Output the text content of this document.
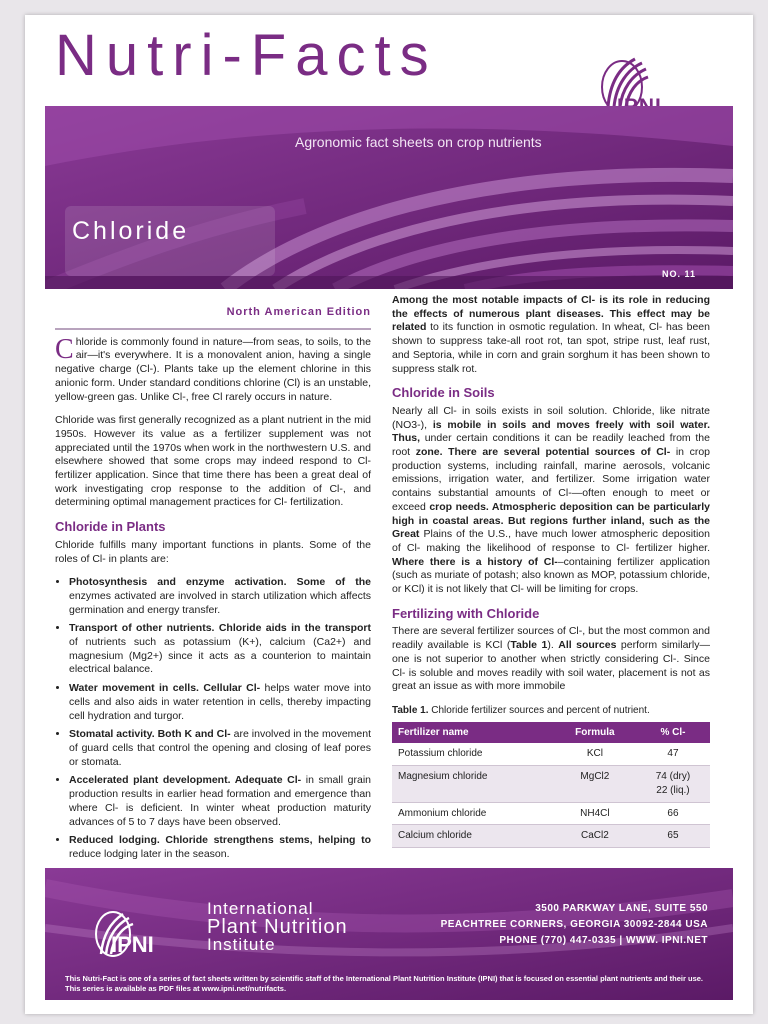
Nutri-Facts
Agronomic fact sheets on crop nutrients
Chloride
NO. 11
North American Edition

Chloride is commonly found in nature—from seas, to soils, to the air—it's everywhere. It is a monovalent anion, having a single negative charge (Cl-). Plants take up the element chlorine in this anionic form. Under standard conditions chlorine (Cl) is an unstable, yellow-green gas. Unlike Cl-, free Cl rarely occurs in nature.

Chloride was first generally recognized as a plant nutrient in the mid 1950s. However its value as a fertilizer supplement was not appreciated until the 1970s when work in the northwestern U.S. and elsewhere showed that some crops may indeed respond to Cl- fertilizer application. Since that time there has been a great deal of work investigating crop response to the addition of Cl-, and determining optimal management practices for Cl- fertilization.

Chloride in Plants

Chloride fulfills many important functions in plants. Some of the roles of Cl- in plants are:

• Photosynthesis and enzyme activation. Some of the enzymes activated are involved in starch utilization which affects germination and energy transfer.
• Transport of other nutrients. Chloride aids in the transport of nutrients such as potassium (K+), calcium (Ca2+) and magnesium (Mg2+) since it acts as a counterion to maintain electrical balance.
• Water movement in cells. Cellular Cl- helps water move into cells and also aids in water retention in cells, thereby impacting cell hydration and turgor.
• Stomatal activity. Both K and Cl- are involved in the movement of guard cells that control the opening and closing of leaf pores or stomata.
• Accelerated plant development. Adequate Cl- in small grain production results in earlier head formation and emergence than where Cl- is deficient. In winter wheat production maturity advances of 5 to 7 days have been observed.
• Reduced lodging. Chloride strengthens stems, helping to reduce lodging later in the season.

Among the most notable impacts of Cl- is its role in reducing the effects of numerous plant diseases. This effect may be related to its function in osmotic regulation. In wheat, Cl- has been shown to suppress take-all root rot, tan spot, stripe rust, leaf rust, and Septoria, while in corn and grain sorghum it has been shown to suppress stalk rot.

Chloride in Soils

Nearly all Cl- in soils exists in soil solution. Chloride, like nitrate (NO3-), is mobile in soils and moves freely with soil water. Thus, under certain conditions it can be readily leached from the root zone. There are several potential sources of Cl- in crop production systems, including rainfall, marine aerosols, volcanic emissions, irrigation water, and fertilizer. Some irrigation water contains substantial amounts of Cl-—often enough to meet or exceed crop needs. Atmospheric deposition can be particularly high in coastal areas. But regions further inland, such as the Great Plains of the U.S., have much lower atmospheric deposition of Cl- making the likelihood of response to Cl- fertilizer higher. Where there is a history of Cl-–containing fertilizer application (such as muriate of potash; also known as MOP, potassium chloride, or KCl) it is not likely that Cl- will be limiting for crops.

Fertilizing with Chloride

There are several fertilizer sources of Cl-, but the most common and readily available is KCl (Table 1). All sources perform similarly—one is not superior to another when strictly considering Cl-. Since Cl- is soluble and moves readily with soil water, placement is not as great an issue as with more immobile

Table 1. Chloride fertilizer sources and percent of nutrient.
Fertilizer name	Formula	% Cl-
Potassium chloride	KCl	47
Magnesium chloride	MgCl2	74 (dry)
22 (liq.)
Ammonium chloride	NH4Cl	66
Calcium chloride	CaCl2	65
IPNI
International
Plant Nutrition
Institute
3500 PARKWAY LANE, SUITE 550
PEACHTREE CORNERS, GEORGIA 30092-2844 USA
PHONE (770) 447-0335 | WWW. IPNI.NET
This Nutri-Fact is one of a series of fact sheets written by scientific staff of the International Plant Nutrition Institute (IPNI) that is focused on essential plant nutrients and their use. This series is available as PDF files at www.ipni.net/nutrifacts.
